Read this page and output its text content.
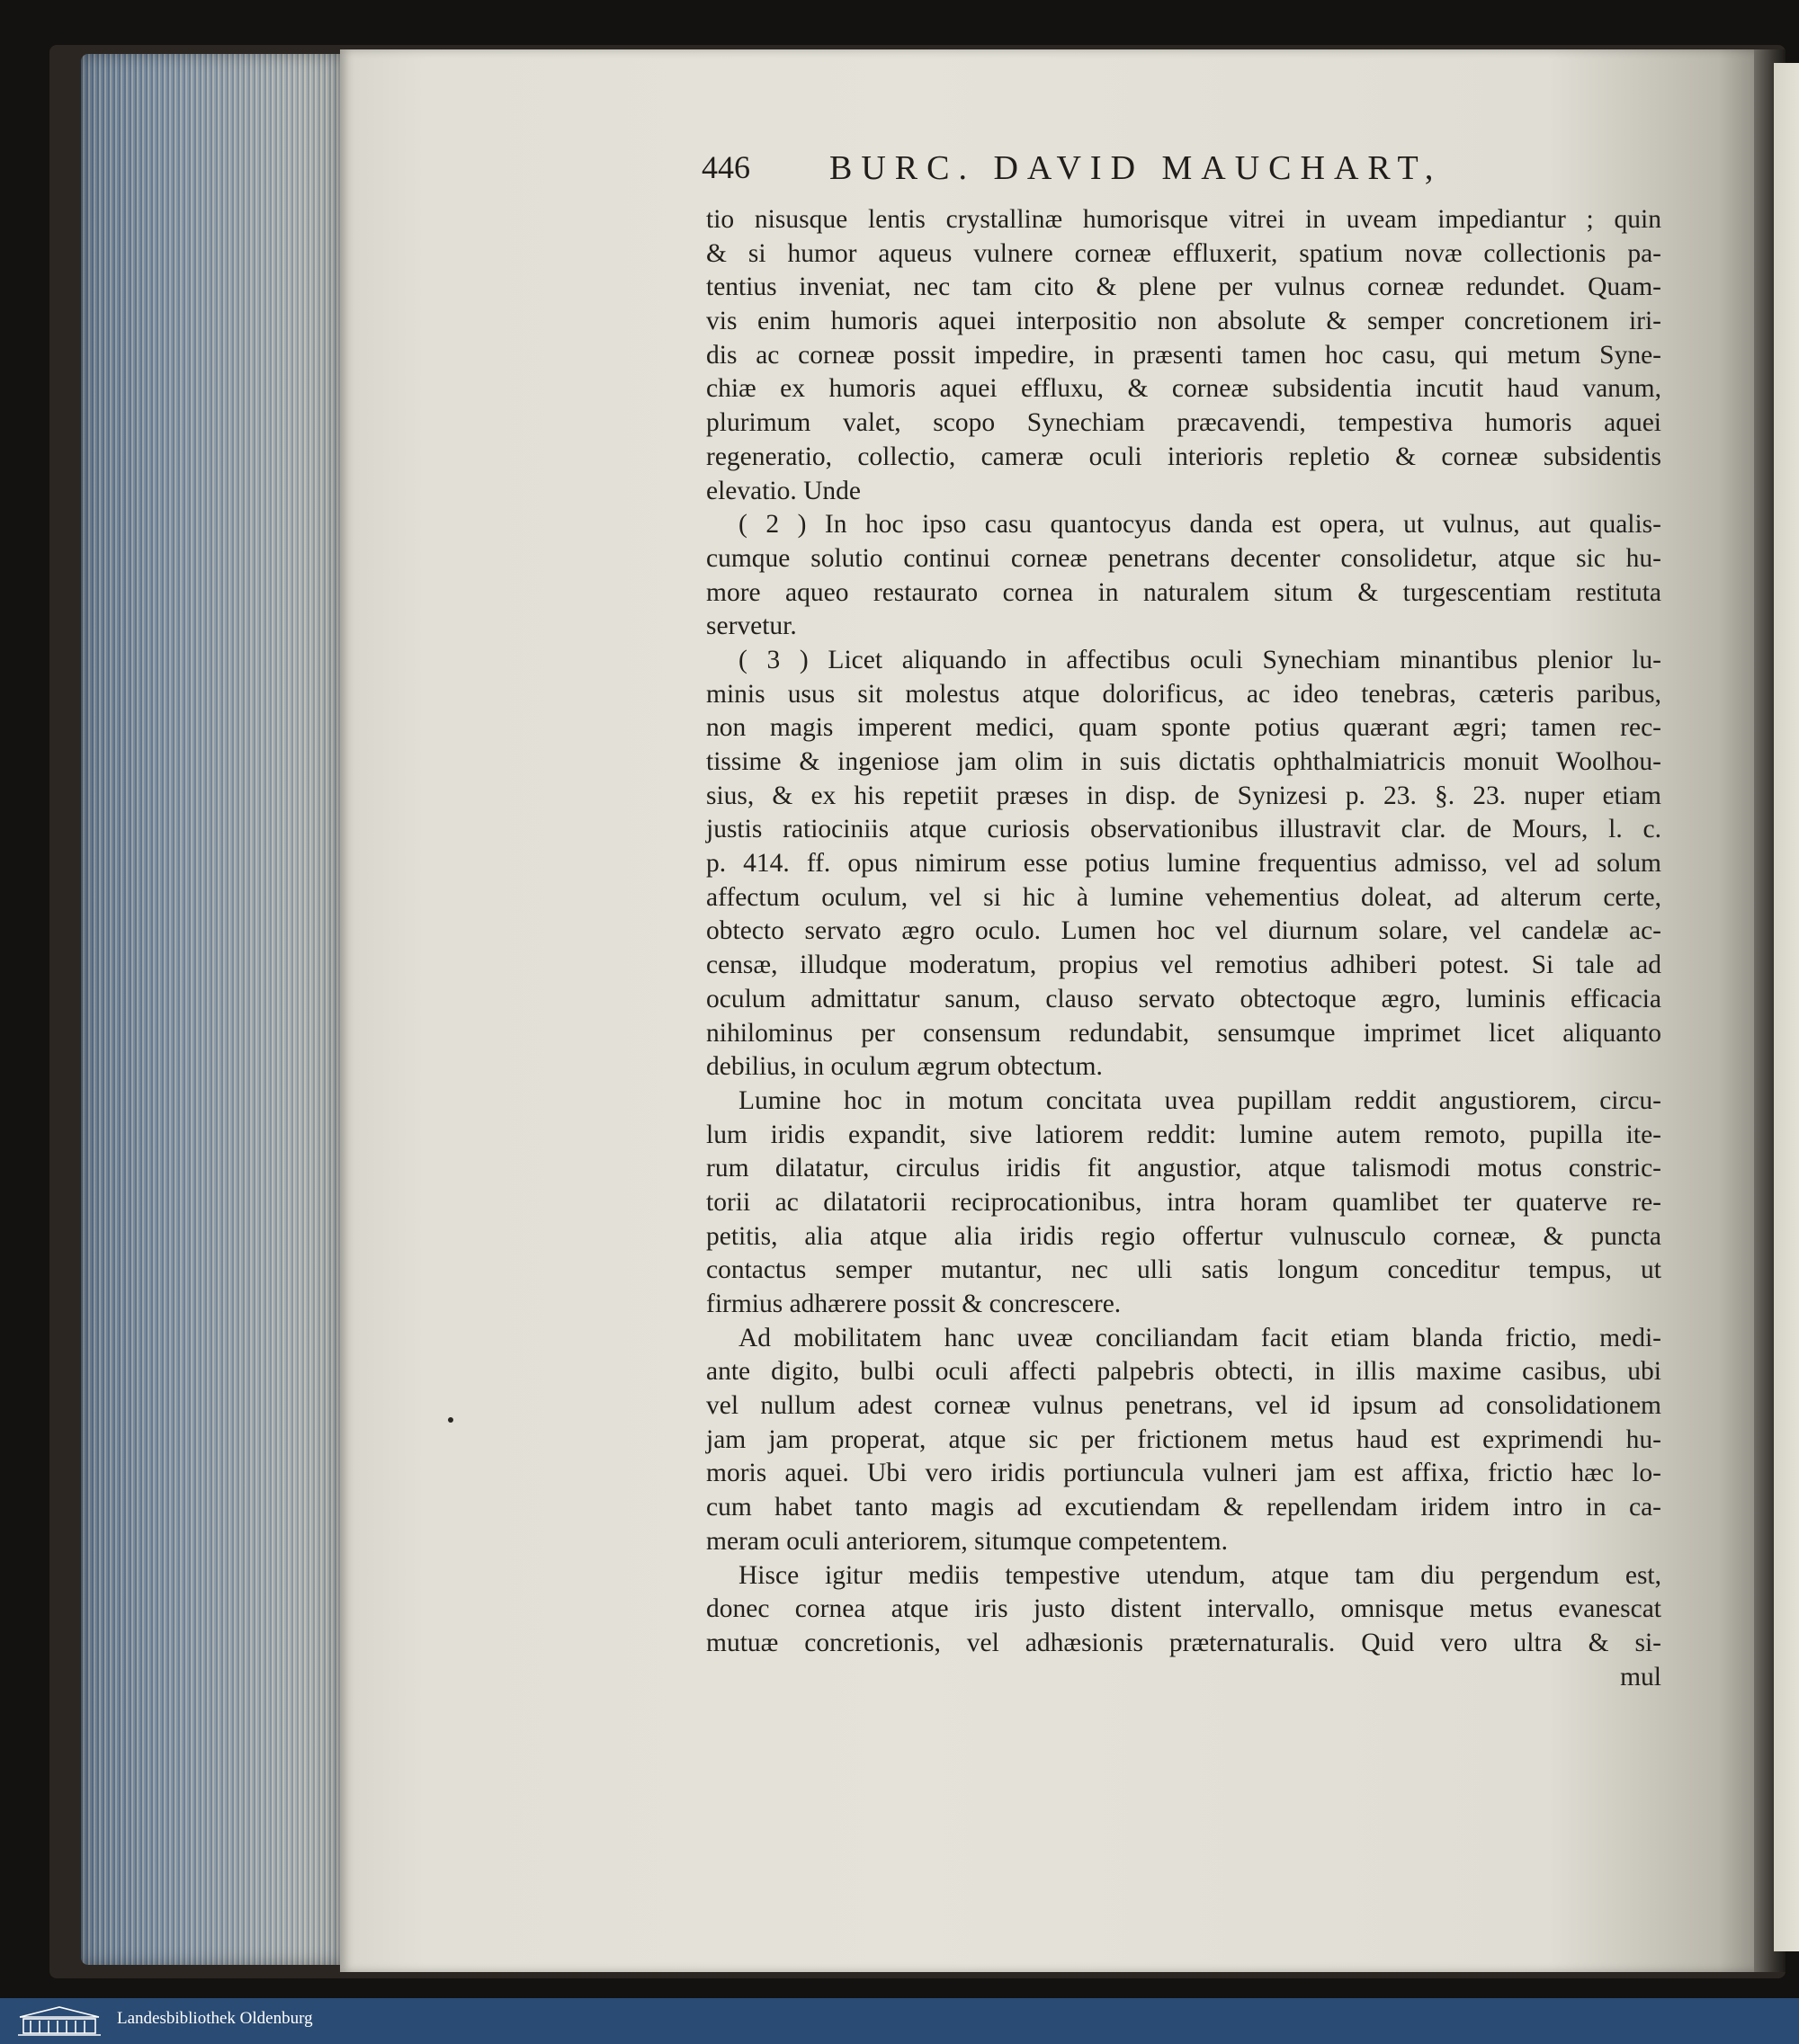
446 BURC. DAVID MAUCHART,
tio nisusque lentis crystallinæ humorisque vitrei in uveam impediantur ; quin
& si humor aqueus vulnere corneæ effluxerit, spatium novæ collectionis pa-
tentius inveniat, nec tam cito & plene per vulnus corneæ redundet. Quam-
vis enim humoris aquei interpositio non absolute & semper concretionem iri-
dis ac corneæ possit impedire, in præsenti tamen hoc casu, qui metum Syne-
chiæ ex humoris aquei effluxu, & corneæ subsidentia incutit haud vanum,
plurimum valet, scopo Synechiam præcavendi, tempestiva humoris aquei
regeneratio, collectio, cameræ oculi interioris repletio & corneæ subsidentis
elevatio. Unde
( 2 ) In hoc ipso casu quantocyus danda est opera, ut vulnus, aut qualis-
cumque solutio continui corneæ penetrans decenter consolidetur, atque sic hu-
more aqueo restaurato cornea in naturalem situm & turgescentiam restituta
servetur.
( 3 ) Licet aliquando in affectibus oculi Synechiam minantibus plenior lu-
minis usus sit molestus atque dolorificus, ac ideo tenebras, cæteris paribus,
non magis imperent medici, quam sponte potius quærant ægri; tamen rec-
tissime & ingeniose jam olim in suis dictatis ophthalmiatricis monuit Woolhou-
sius, & ex his repetiit præses in disp. de Synizesi p. 23. §. 23. nuper etiam
justis ratiociniis atque curiosis observationibus illustravit clar. de Mours, l. c.
p. 414. ff. opus nimirum esse potius lumine frequentius admisso, vel ad solum
affectum oculum, vel si hic à lumine vehementius doleat, ad alterum certe,
obtecto servato ægro oculo. Lumen hoc vel diurnum solare, vel candelæ ac-
censæ, illudque moderatum, propius vel remotius adhiberi potest. Si tale ad
oculum admittatur sanum, clauso servato obtectoque ægro, luminis efficacia
nihilominus per consensum redundabit, sensumque imprimet licet aliquanto
debilius, in oculum ægrum obtectum.
Lumine hoc in motum concitata uvea pupillam reddit angustiorem, circu-
lum iridis expandit, sive latiorem reddit: lumine autem remoto, pupilla ite-
rum dilatatur, circulus iridis fit angustior, atque talismodi motus constric-
torii ac dilatatorii reciprocationibus, intra horam quamlibet ter quaterve re-
petitis, alia atque alia iridis regio offertur vulnusculo corneæ, & puncta
contactus semper mutantur, nec ulli satis longum conceditur tempus, ut
firmius adhærere possit & concrescere.
Ad mobilitatem hanc uveæ conciliandam facit etiam blanda frictio, medi-
ante digito, bulbi oculi affecti palpebris obtecti, in illis maxime casibus, ubi
vel nullum adest corneæ vulnus penetrans, vel id ipsum ad consolidationem
jam jam properat, atque sic per frictionem metus haud est exprimendi hu-
moris aquei. Ubi vero iridis portiuncula vulneri jam est affixa, frictio hæc lo-
cum habet tanto magis ad excutiendam & repellendam iridem intro in ca-
meram oculi anteriorem, situmque competentem.
Hisce igitur mediis tempestive utendum, atque tam diu pergendum est,
donec cornea atque iris justo distent intervallo, omnisque metus evanescat
mutuæ concretionis, vel adhæsionis præternaturalis. Quid vero ultra & si-
mul
Landesbibliothek Oldenburg
